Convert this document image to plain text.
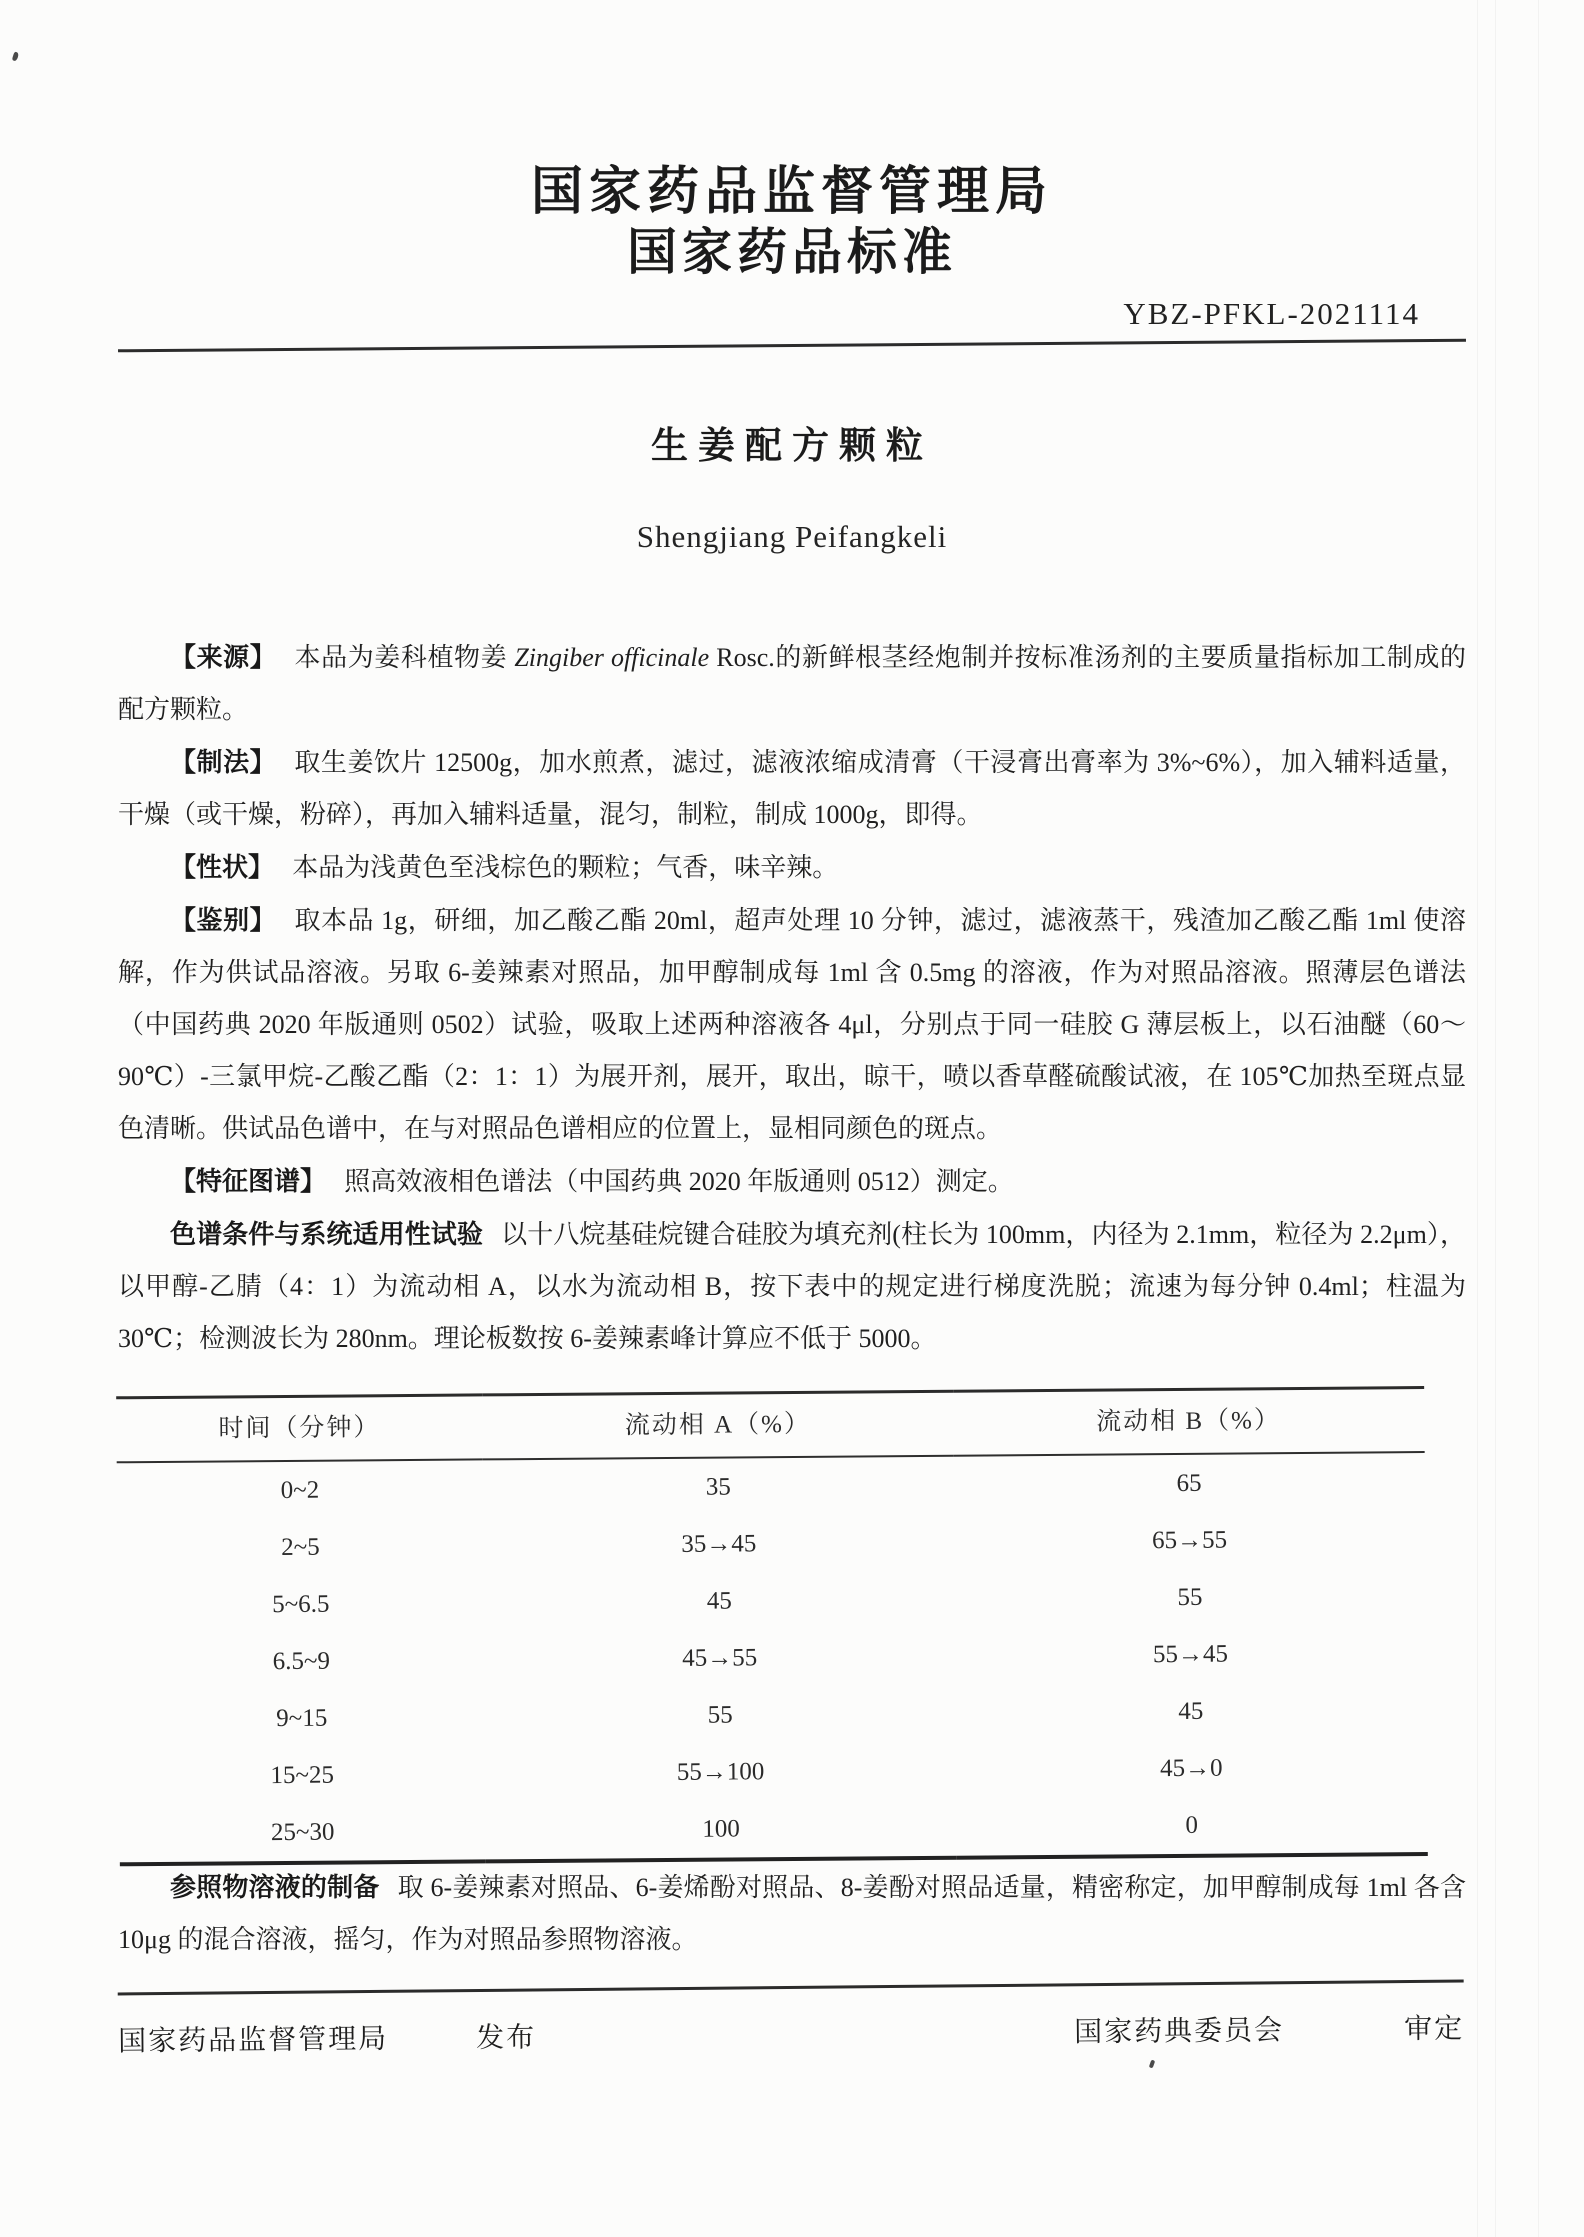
国家药品监督管理局
国家药品标准
YBZ-PFKL-2021114
生姜配方颗粒
Shengjiang Peifangkeli

【来源】 本品为姜科植物姜 Zingiber officinale Rosc.的新鲜根茎经炮制并按标准汤剂的主要质量指标加工制成的配方颗粒。

【制法】 取生姜饮片 12500g，加水煎煮，滤过，滤液浓缩成清膏（干浸膏出膏率为 3%~6%），加入辅料适量，干燥（或干燥，粉碎），再加入辅料适量，混匀，制粒，制成 1000g，即得。

【性状】 本品为浅黄色至浅棕色的颗粒；气香，味辛辣。

【鉴别】 取本品 1g，研细，加乙酸乙酯 20ml，超声处理 10 分钟，滤过，滤液蒸干，残渣加乙酸乙酯 1ml 使溶解，作为供试品溶液。另取 6-姜辣素对照品，加甲醇制成每 1ml 含 0.5mg 的溶液，作为对照品溶液。照薄层色谱法（中国药典 2020 年版通则 0502）试验，吸取上述两种溶液各 4μl，分别点于同一硅胶 G 薄层板上，以石油醚（60～90℃）-三氯甲烷-乙酸乙酯（2：1：1）为展开剂，展开，取出，晾干，喷以香草醛硫酸试液，在 105℃加热至斑点显色清晰。供试品色谱中，在与对照品色谱相应的位置上，显相同颜色的斑点。

【特征图谱】 照高效液相色谱法（中国药典 2020 年版通则 0512）测定。

色谱条件与系统适用性试验 以十八烷基硅烷键合硅胶为填充剂(柱长为 100mm，内径为 2.1mm，粒径为 2.2μm），以甲醇-乙腈（4：1）为流动相 A，以水为流动相 B，按下表中的规定进行梯度洗脱；流速为每分钟 0.4ml；柱温为 30℃；检测波长为 280nm。理论板数按 6-姜辣素峰计算应不低于 5000。

时间（分钟）	流动相 A（%）	流动相 B（%）
0~2	35	65
2~5	35→45	65→55
5~6.5	45	55
6.5~9	45→55	55→45
9~15	55	45
15~25	55→100	45→0
25~30	100	0

参照物溶液的制备 取 6-姜辣素对照品、6-姜烯酚对照品、8-姜酚对照品适量，精密称定，加甲醇制成每 1ml 各含 10μg 的混合溶液，摇匀，作为对照品参照物溶液。

国家药品监督管理局	发布	国家药典委员会	审定
